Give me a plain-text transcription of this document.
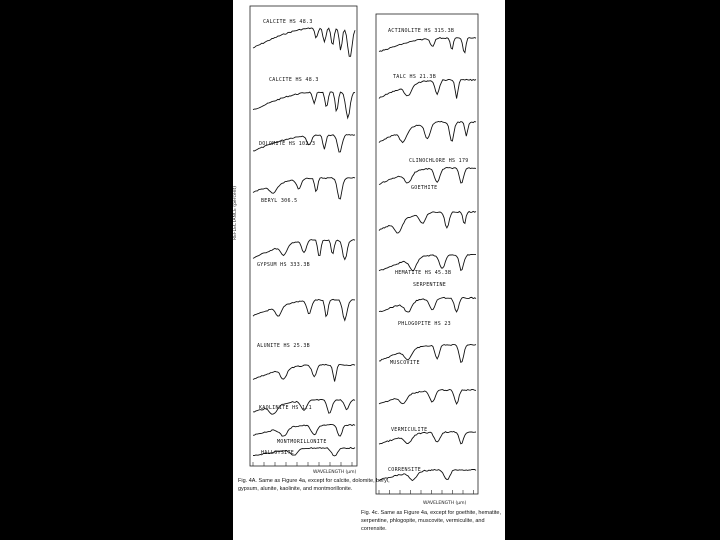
CALCITE HS 48.3
CALCITE HS 48.3
DOLOMITE HS 102.3
BERYL 306.5
GYPSUM HS 333.3B
ALUNITE HS 25.3B
KAOLINITE HS 1.1
MONTMORILLONITE
HALLOYSITE
REFLECTANCE (percent)
WAVELENGTH (µm)
Fig. 4A. Same as Figure 4a, except for calcite, dolomite, beryl,
gypsum, alunite, kaolinite, and montmorillonite.
ACTINOLITE HS 315.3B
TALC HS 21.3B
CLINOCHLORE HS 179
GOETHITE
HEMATITE HS 45.3B
SERPENTINE
PHLOGOPITE HS 23
MUSCOVITE
VERMICULITE
CORRENSITE
WAVELENGTH (µm)
Fig. 4c. Same as Figure 4a, except for goethite, hematite,
serpentine, phlogopite, muscovite, vermiculite, and
corrensite.
